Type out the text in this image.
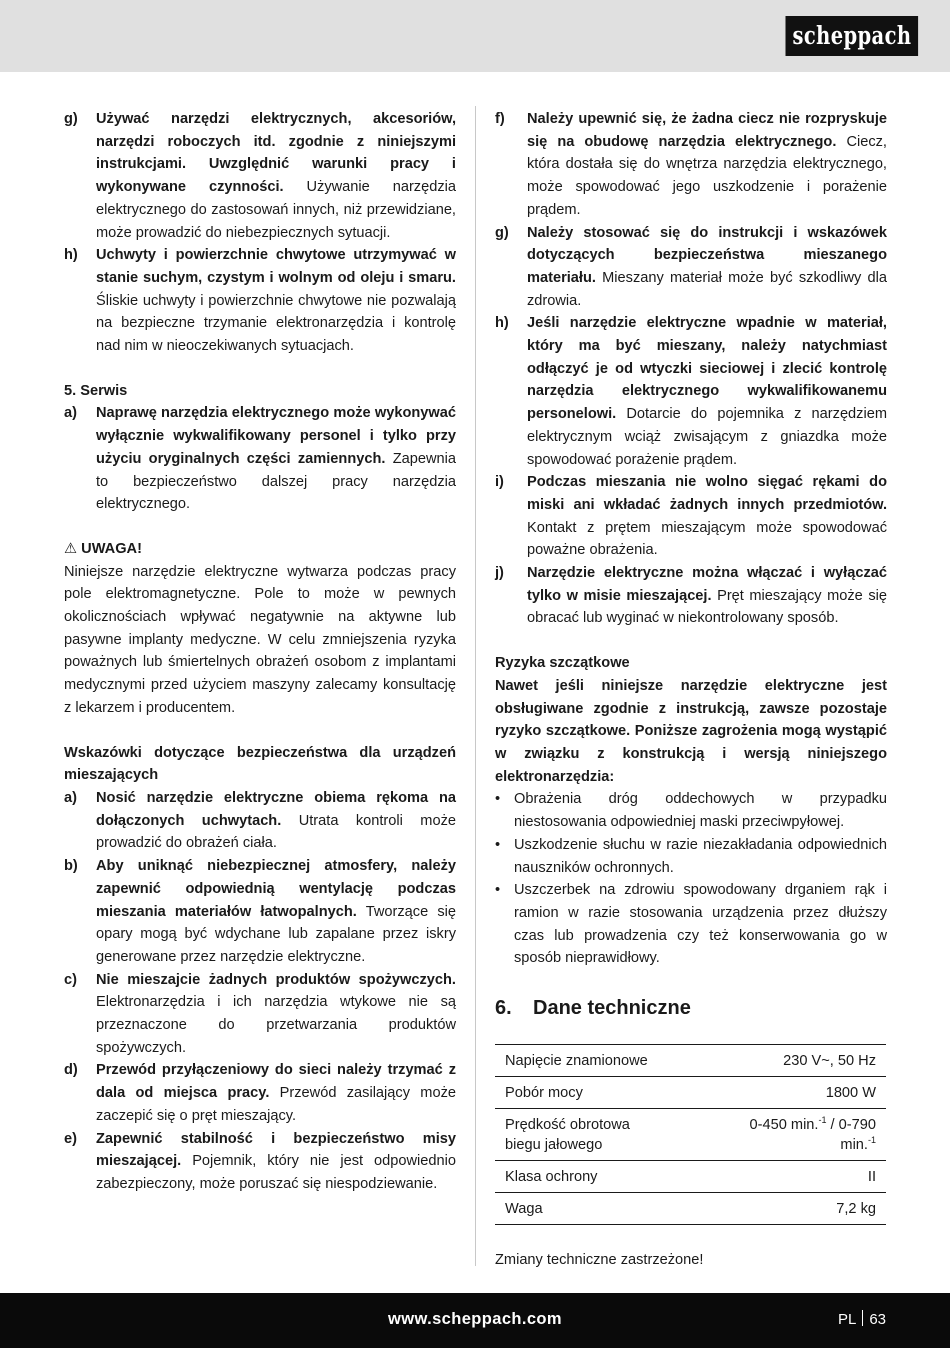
scheppach
g)	Używać narzędzi elektrycznych, akcesoriów, narzędzi roboczych itd. zgodnie z niniejszymi instrukcjami. Uwzględnić warunki pracy i wykonywane czynności. Używanie narzędzia elektrycznego do zastosowań innych, niż przewidziane, może prowadzić do niebezpiecznych sytuacji.
h)	Uchwyty i powierzchnie chwytowe utrzymywać w stanie suchym, czystym i wolnym od oleju i smaru. Śliskie uchwyty i powierzchnie chwytowe nie pozwalają na bezpieczne trzymanie elektronarzędzia i kontrolę nad nim w nieoczekiwanych sytuacjach.
5. Serwis
a)	Naprawę narzędzia elektrycznego może wykonywać wyłącznie wykwalifikowany personel i tylko przy użyciu oryginalnych części zamiennych. Zapewnia to bezpieczeństwo dalszej pracy narzędzia elektrycznego.
⚠ UWAGA!
Niniejsze narzędzie elektryczne wytwarza podczas pracy pole elektromagnetyczne. Pole to może w pewnych okolicznościach wpływać negatywnie na aktywne lub pasywne implanty medyczne. W celu zmniejszenia ryzyka poważnych lub śmiertelnych obrażeń osobom z implantami medycznymi przed użyciem maszyny zalecamy konsultację z lekarzem i producentem.
Wskazówki dotyczące bezpieczeństwa dla urządzeń mieszających
a)	Nosić narzędzie elektryczne obiema rękoma na dołączonych uchwytach. Utrata kontroli może prowadzić do obrażeń ciała.
b)	Aby uniknąć niebezpiecznej atmosfery, należy zapewnić odpowiednią wentylację podczas mieszania materiałów łatwopalnych. Tworzące się opary mogą być wdychane lub zapalane przez iskry generowane przez narzędzie elektryczne.
c)	Nie mieszajcie żadnych produktów spożywczych. Elektronarzędzia i ich narzędzia wtykowe nie są przeznaczone do przetwarzania produktów spożywczych.
d)	Przewód przyłączeniowy do sieci należy trzymać z dala od miejsca pracy. Przewód zasilający może zaczepić się o pręt mieszający.
e)	Zapewnić stabilność i bezpieczeństwo misy mieszającej. Pojemnik, który nie jest odpowiednio zabezpieczony, może poruszać się niespodziewanie.
f)	Należy upewnić się, że żadna ciecz nie rozpryskuje się na obudowę narzędzia elektrycznego. Ciecz, która dostała się do wnętrza narzędzia elektrycznego, może spowodować jego uszkodzenie i porażenie prądem.
g)	Należy stosować się do instrukcji i wskazówek dotyczących bezpieczeństwa mieszanego materiału. Mieszany materiał może być szkodliwy dla zdrowia.
h)	Jeśli narzędzie elektryczne wpadnie w materiał, który ma być mieszany, należy natychmiast odłączyć je od wtyczki sieciowej i zlecić kontrolę narzędzia elektrycznego wykwalifikowanemu personelowi. Dotarcie do pojemnika z narzędziem elektrycznym wciąż zwisającym z gniazdka może spowodować porażenie prądem.
i)	Podczas mieszania nie wolno sięgać rękami do miski ani wkładać żadnych innych przedmiotów. Kontakt z prętem mieszającym może spowodować poważne obrażenia.
j)	Narzędzie elektryczne można włączać i wyłączać tylko w misie mieszającej. Pręt mieszający może się obracać lub wyginać w niekontrolowany sposób.
Ryzyka szczątkowe
Nawet jeśli niniejsze narzędzie elektryczne jest obsługiwane zgodnie z instrukcją, zawsze pozostaje ryzyko szczątkowe. Poniższe zagrożenia mogą wystąpić w związku z konstrukcją i wersją niniejszego elektronarzędzia:
• Obrażenia dróg oddechowych w przypadku niestosowania odpowiedniej maski przeciwpyłowej.
• Uszkodzenie słuchu w razie niezakładania odpowiednich nauszników ochronnych.
• Uszczerbek na zdrowiu spowodowany drganiem rąk i ramion w razie stosowania urządzenia przez dłuższy czas lub prowadzenia czy też konserwowania go w sposób nieprawidłowy.
6.	Dane techniczne
Napięcie znamionowe	230 V~, 50 Hz
Pobór mocy	1800 W
Prędkość obrotowa
biegu jałowego	0-450 min.$^{-1}$ / 0-790
min.$^{-1}$
Klasa ochrony	II
Waga	7,2 kg
Zmiany techniczne zastrzeżone!
www.scheppach.com	PL 63
